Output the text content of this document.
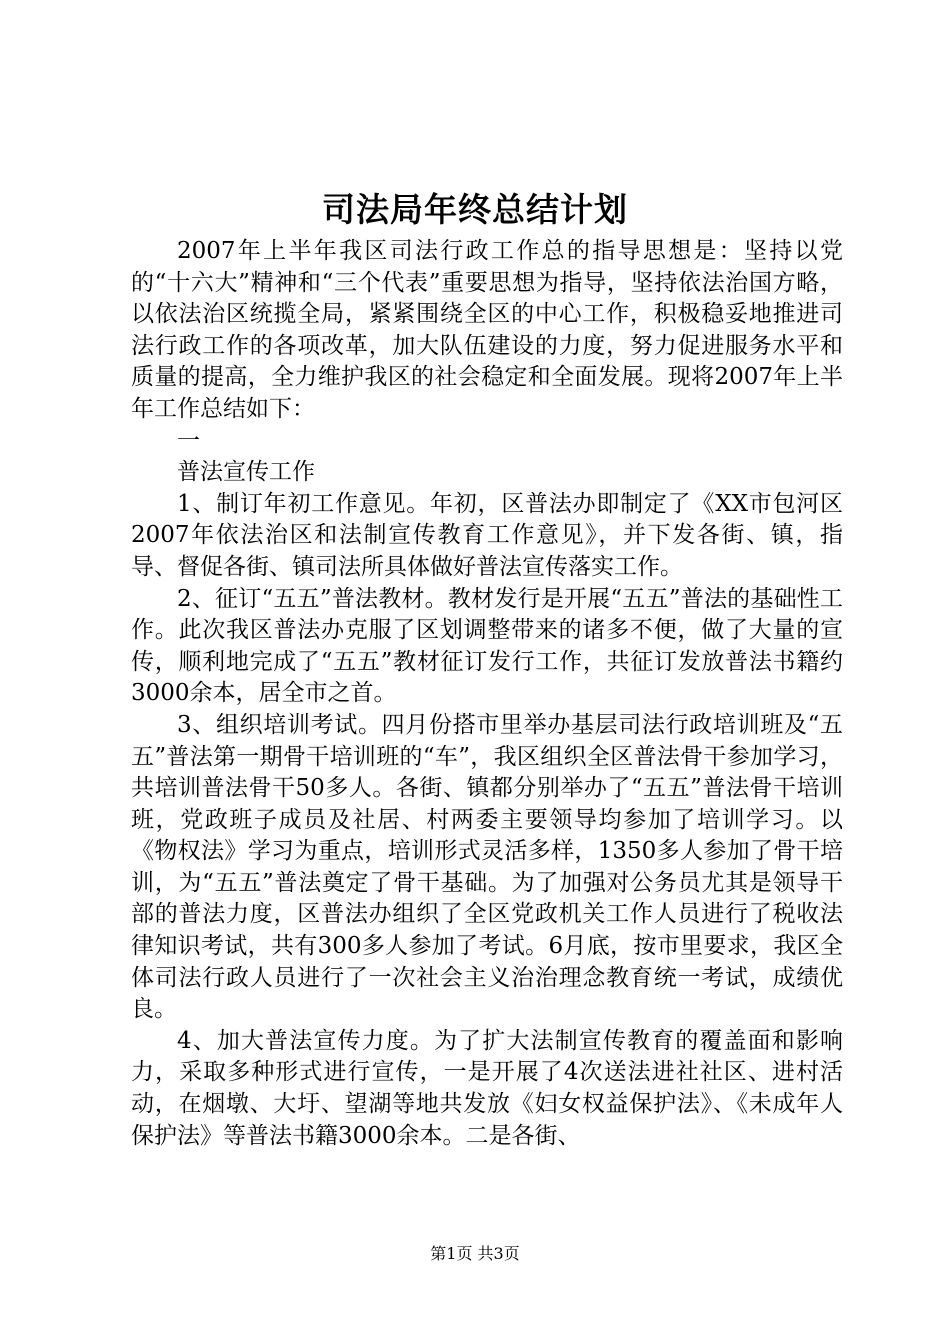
司法局年终总结计划

2007年上半年我区司法行政工作总的指导思想是：坚持以党的“十六大”精神和“三个代表”重要思想为指导，坚持依法治国方略，以依法治区统揽全局，紧紧围绕全区的中心工作，积极稳妥地推进司法行政工作的各项改革，加大队伍建设的力度，努力促进服务水平和质量的提高，全力维护我区的社会稳定和全面发展。现将2007年上半年工作总结如下：

一

普法宣传工作

1、制订年初工作意见。年初，区普法办即制定了《XX市包河区2007年依法治区和法制宣传教育工作意见》，并下发各街、镇，指导、督促各街、镇司法所具体做好普法宣传落实工作。

2、征订“五五”普法教材。教材发行是开展“五五”普法的基础性工作。此次我区普法办克服了区划调整带来的诸多不便，做了大量的宣传，顺利地完成了“五五”教材征订发行工作，共征订发放普法书籍约3000余本，居全市之首。

3、组织培训考试。四月份搭市里举办基层司法行政培训班及“五五”普法第一期骨干培训班的“车”，我区组织全区普法骨干参加学习，共培训普法骨干50多人。各街、镇都分别举办了“五五”普法骨干培训班，党政班子成员及社居、村两委主要领导均参加了培训学习。以《物权法》学习为重点，培训形式灵活多样，1350多人参加了骨干培训，为“五五”普法奠定了骨干基础。为了加强对公务员尤其是领导干部的普法力度，区普法办组织了全区党政机关工作人员进行了税收法律知识考试，共有300多人参加了考试。6月底，按市里要求，我区全体司法行政人员进行了一次社会主义治治理念教育统一考试，成绩优良。

4、加大普法宣传力度。为了扩大法制宣传教育的覆盖面和影响力，采取多种形式进行宣传，一是开展了4次送法进社社区、进村活动，在烟墩、大圩、望湖等地共发放《妇女权益保护法》、《未成年人保护法》等普法书籍3000余本。二是各街、

第1页 共3页
